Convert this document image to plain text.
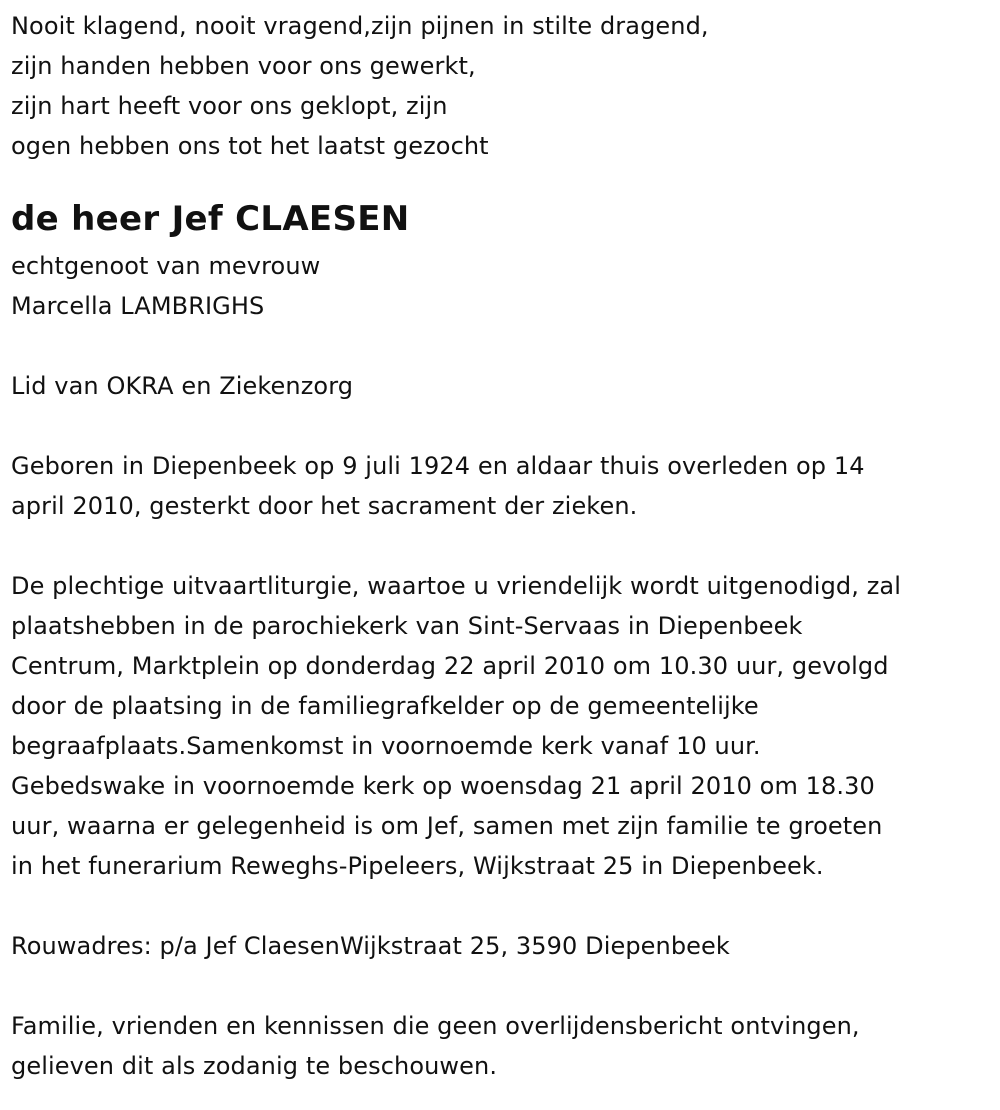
Nooit klagend, nooit vragend,zijn pijnen in stilte dragend,
zijn handen hebben voor ons gewerkt,
zijn hart heeft voor ons geklopt, zijn
ogen hebben ons tot het laatst gezocht
de heer Jef CLAESEN
echtgenoot van mevrouw
Marcella LAMBRIGHS
Lid van OKRA en Ziekenzorg
Geboren in Diepenbeek op 9 juli 1924 en aldaar thuis overleden op 14
april 2010, gesterkt door het sacrament der zieken.
De plechtige uitvaartliturgie, waartoe u vriendelijk wordt uitgenodigd, zal
plaatshebben in de parochiekerk van Sint-Servaas in Diepenbeek
Centrum, Marktplein op donderdag 22 april 2010 om 10.30 uur, gevolgd
door de plaatsing in de familiegrafkelder op de gemeentelijke
begraafplaats.Samenkomst in voornoemde kerk vanaf 10 uur.
Gebedswake in voornoemde kerk op woensdag 21 april 2010 om 18.30
uur, waarna er gelegenheid is om Jef, samen met zijn familie te groeten
in het funerarium Reweghs-Pipeleers, Wijkstraat 25 in Diepenbeek.
Rouwadres: p/a Jef ClaesenWijkstraat 25, 3590 Diepenbeek
Familie, vrienden en kennissen die geen overlijdensbericht ontvingen,
gelieven dit als zodanig te beschouwen.
